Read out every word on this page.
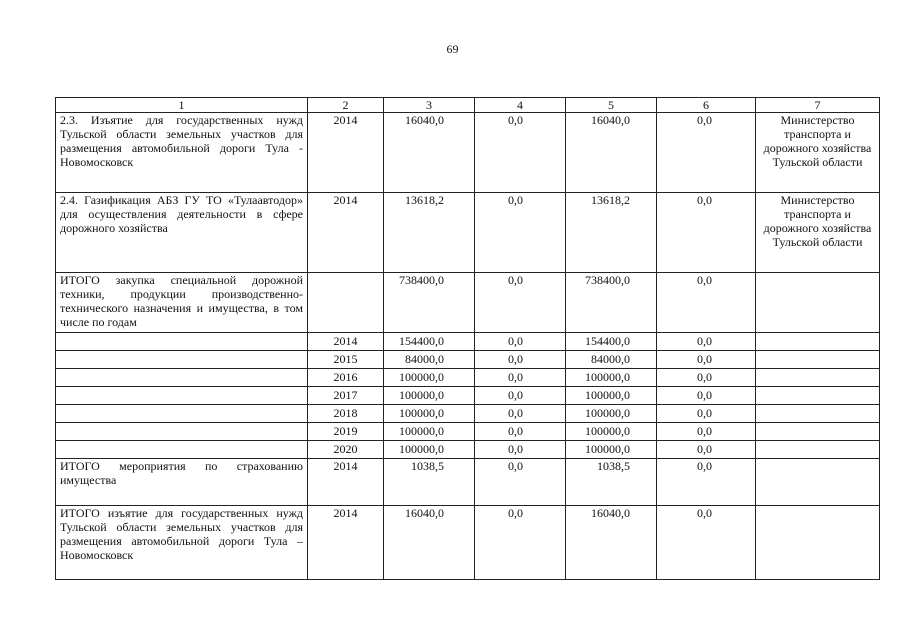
69
1	2	3	4	5	6	7
2.3. Изъятие для государственных нужд Тульской области земельных участков для размещения автомобильной дороги Тула - Новомосковск	2014	16040,0	0,0	16040,0	0,0	Министерство транспорта и дорожного хозяйства Тульской области
2.4. Газификация АБЗ ГУ ТО «Тулаавтодор» для осуществления деятельности в сфере дорожного хозяйства	2014	13618,2	0,0	13618,2	0,0	Министерство транспорта и дорожного хозяйства Тульской области
ИТОГО закупка специальной дорожной техники, продукции производственно-технического назначения и имущества, в том числе по годам		738400,0	0,0	738400,0	0,0	
	2014	154400,0	0,0	154400,0	0,0	
	2015	84000,0	0,0	84000,0	0,0	
	2016	100000,0	0,0	100000,0	0,0	
	2017	100000,0	0,0	100000,0	0,0	
	2018	100000,0	0,0	100000,0	0,0	
	2019	100000,0	0,0	100000,0	0,0	
	2020	100000,0	0,0	100000,0	0,0	
ИТОГО мероприятия по страхованию имущества	2014	1038,5	0,0	1038,5	0,0	
ИТОГО изъятие для государственных нужд Тульской области земельных участков для размещения автомобильной дороги Тула – Новомосковск	2014	16040,0	0,0	16040,0	0,0	
